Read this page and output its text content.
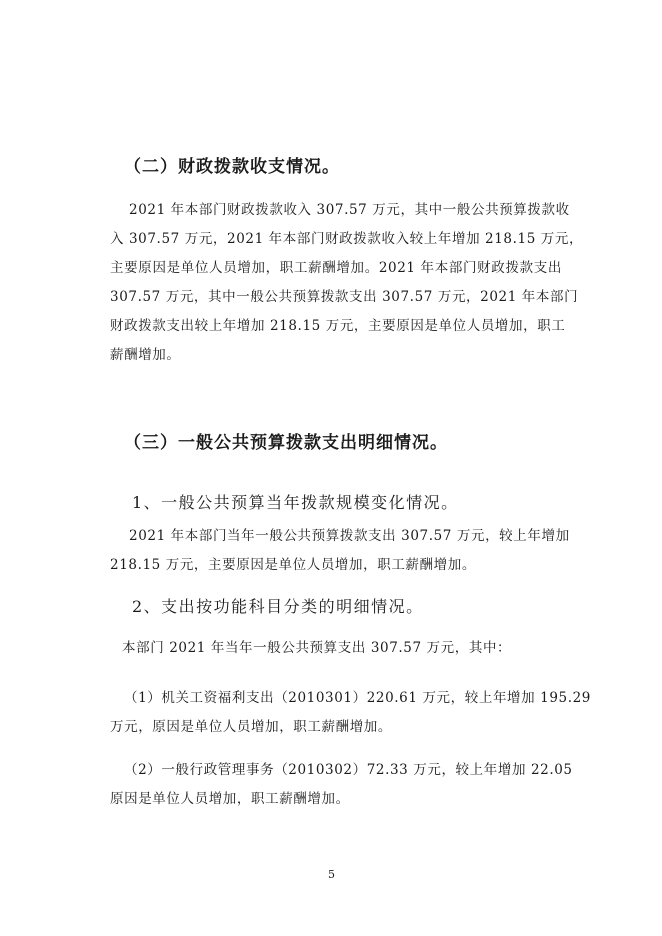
（二）财政拨款收支情况。
2021 年本部门财政拨款收入 307.57 万元，其中一般公共预算拨款收
入 307.57 万元，2021 年本部门财政拨款收入较上年增加 218.15 万元，
主要原因是单位人员增加，职工薪酬增加。2021 年本部门财政拨款支出
307.57 万元，其中一般公共预算拨款支出 307.57 万元，2021 年本部门
财政拨款支出较上年增加 218.15 万元，主要原因是单位人员增加，职工
薪酬增加。
（三）一般公共预算拨款支出明细情况。
1、一般公共预算当年拨款规模变化情况。
2021 年本部门当年一般公共预算拨款支出 307.57 万元，较上年增加
218.15 万元，主要原因是单位人员增加，职工薪酬增加。
2、支出按功能科目分类的明细情况。
本部门 2021 年当年一般公共预算支出 307.57 万元，其中：
（1）机关工资福利支出（2010301）220.61 万元，较上年增加 195.29
万元，原因是单位人员增加，职工薪酬增加。
（2）一般行政管理事务（2010302）72.33 万元，较上年增加 22.05
原因是单位人员增加，职工薪酬增加。
5
